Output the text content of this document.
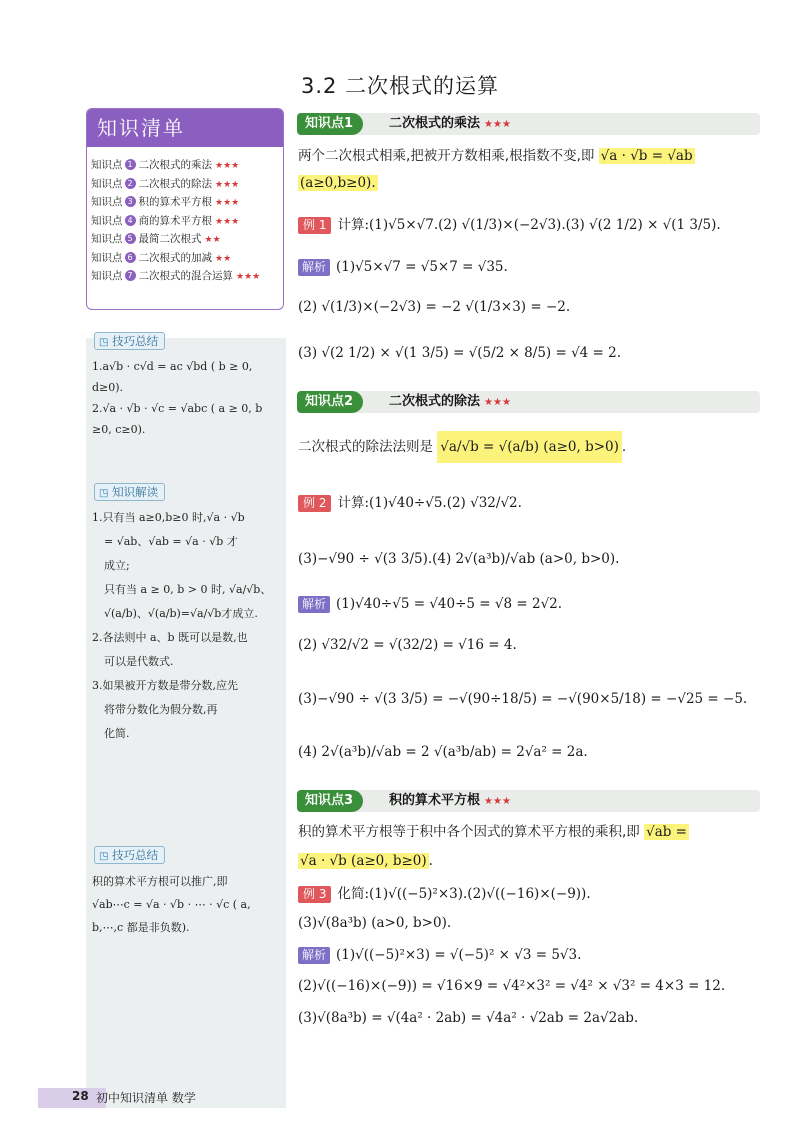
3.2 二次根式的运算
知识清单
知识点 1 二次根式的乘法 ★★★
知识点 2 二次根式的除法 ★★★
知识点 3 积的算术平方根 ★★★
知识点 4 商的算术平方根 ★★★
知识点 5 最简二次根式 ★★
知识点 6 二次根式的加减 ★★
知识点 7 二次根式的混合运算 ★★★
◳ 技巧总结
1.a√b · c√d = ac √bd ( b ≥ 0,
d≥0).
2.√a · √b · √c = √abc ( a ≥ 0, b
≥0, c≥0).
◳ 知识解读
1.只有当 a≥0,b≥0 时,√a · √b
= √ab、√ab = √a · √b 才
成立;
只有当 a ≥ 0, b > 0 时, √a/√b、
√(a/b)、√(a/b)=√a/√b才成立.
2.各法则中 a、b 既可以是数,也
可以是代数式.
3.如果被开方数是带分数,应先
将带分数化为假分数,再
化简.
◳ 技巧总结
积的算术平方根可以推广,即
√ab⋯c = √a · √b · ⋯ · √c ( a,
b,⋯,c 都是非负数).
知识点1	二次根式的乘法 ★★★
两个二次根式相乘,把被开方数相乘,根指数不变,即 √a · √b = √ab
(a≥0,b≥0).
例 1 计算:(1)√5×√7.(2) √(1/3)×(−2√3).(3) √(2 1/2) × √(1 3/5).
解析 (1)√5×√7 = √5×7 = √35.
(2) √(1/3)×(−2√3) = −2 √(1/3×3) = −2.
(3) √(2 1/2) × √(1 3/5) = √(5/2 × 8/5) = √4 = 2.
知识点2	二次根式的除法 ★★★
二次根式的除法法则是 √a/√b = √(a/b) (a≥0, b>0) .
例 2 计算:(1)√40÷√5.(2) √32/√2.
(3)−√90 ÷ √(3 3/5).(4) 2√(a³b)/√ab (a>0, b>0).
解析 (1)√40÷√5 = √40÷5 = √8 = 2√2.
(2) √32/√2 = √(32/2) = √16 = 4.
(3)−√90 ÷ √(3 3/5) = −√(90÷18/5) = −√(90×5/18) = −√25 = −5.
(4) 2√(a³b)/√ab = 2 √(a³b/ab) = 2√a² = 2a.
知识点3	积的算术平方根 ★★★
积的算术平方根等于积中各个因式的算术平方根的乘积,即 √ab =
√a · √b (a≥0, b≥0) .
例 3 化简:(1)√((−5)²×3).(2)√((−16)×(−9)).
(3)√(8a³b) (a>0, b>0).
解析 (1)√((−5)²×3) = √(−5)² × √3 = 5√3.
(2)√((−16)×(−9)) = √16×9 = √4²×3² = √4² × √3² = 4×3 = 12.
(3)√(8a³b) = √(4a² · 2ab) = √4a² · √2ab = 2a√2ab.
28 初中知识清单 数学
